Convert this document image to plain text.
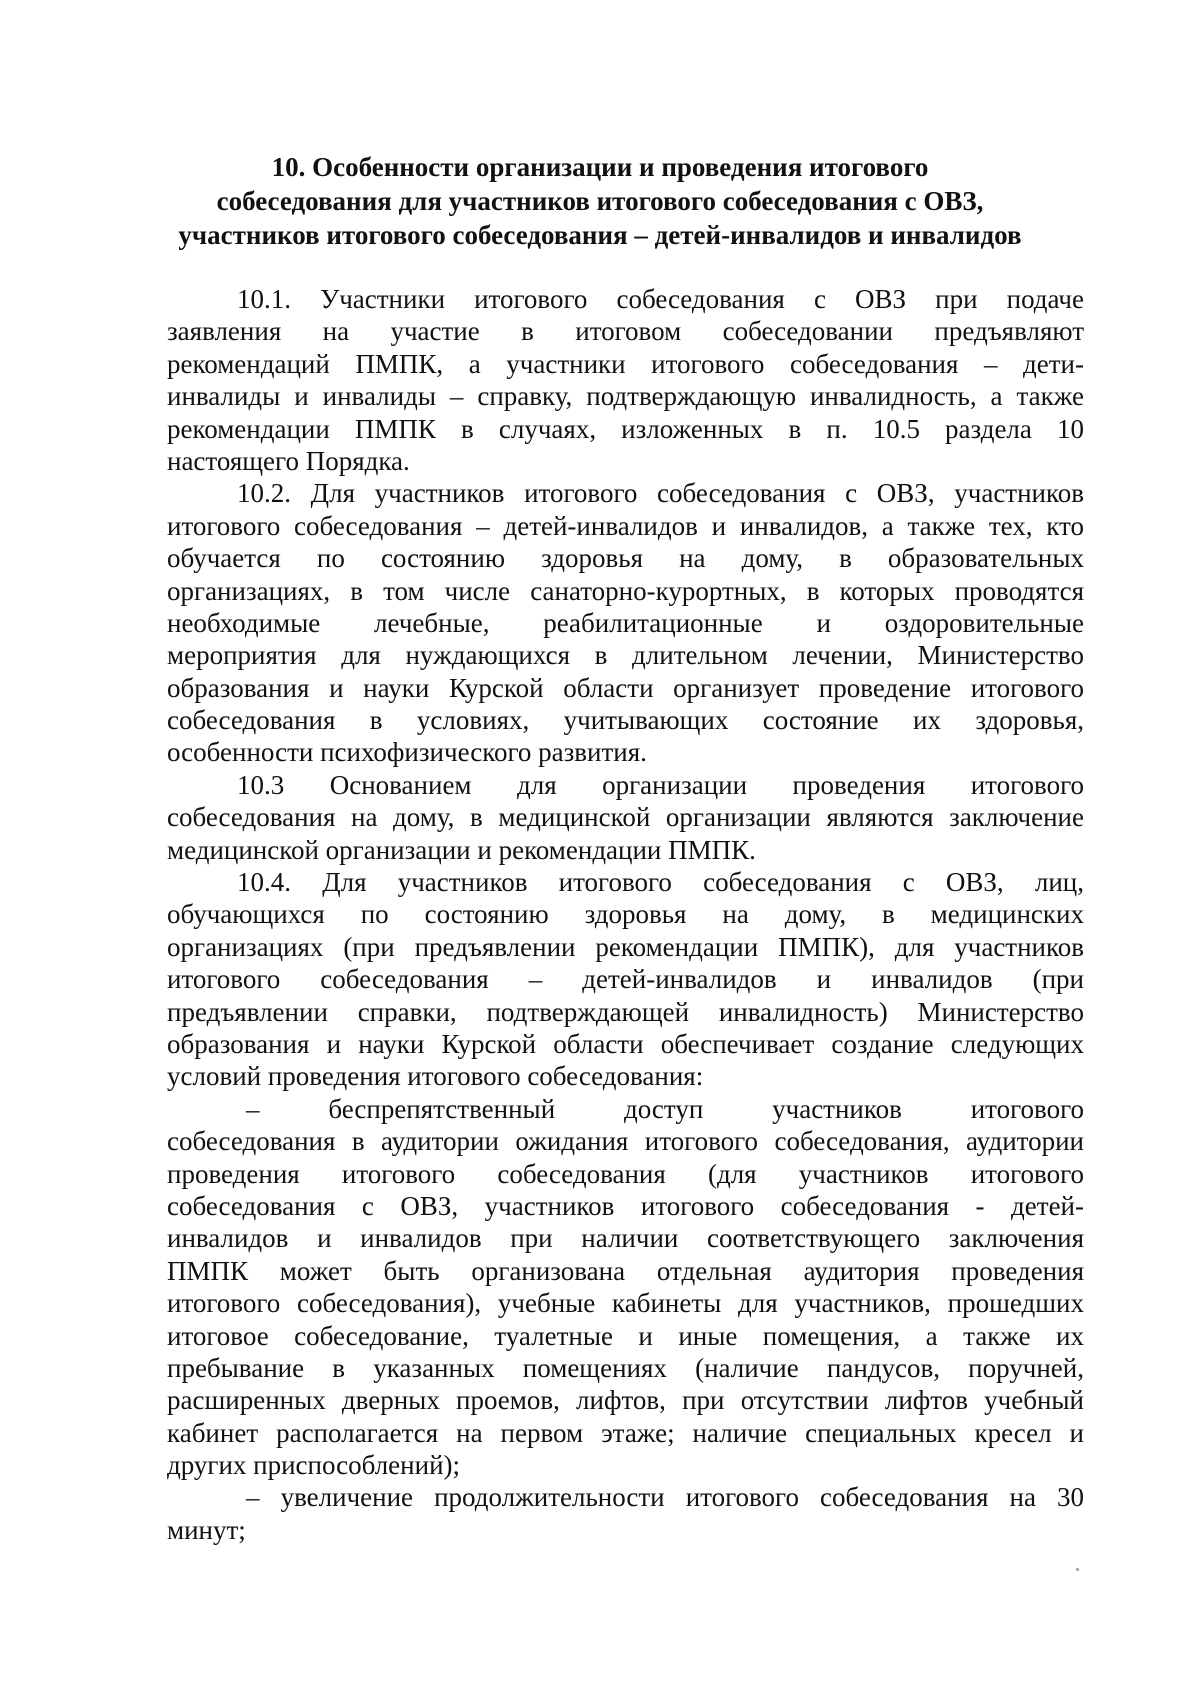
10. Особенности организации и проведения итогового
собеседования для участников итогового собеседования с ОВЗ,
участников итогового собеседования – детей-инвалидов и инвалидов
10.1. Участники итогового собеседования с ОВЗ при подаче
заявления на участие в итоговом собеседовании предъявляют
рекомендаций ПМПК, а участники итогового собеседования – дети-
инвалиды и инвалиды – справку, подтверждающую инвалидность, а также
рекомендации ПМПК в случаях, изложенных в п. 10.5 раздела 10
настоящего Порядка.
10.2. Для участников итогового собеседования с ОВЗ, участников
итогового собеседования – детей-инвалидов и инвалидов, а также тех, кто
обучается по состоянию здоровья на дому, в образовательных
организациях, в том числе санаторно-курортных, в которых проводятся
необходимые лечебные, реабилитационные и оздоровительные
мероприятия для нуждающихся в длительном лечении, Министерство
образования и науки Курской области организует проведение итогового
собеседования в условиях, учитывающих состояние их здоровья,
особенности психофизического развития.
10.3 Основанием для организации проведения итогового
собеседования на дому, в медицинской организации являются заключение
медицинской организации и рекомендации ПМПК.
10.4. Для участников итогового собеседования с ОВЗ, лиц,
обучающихся по состоянию здоровья на дому, в медицинских
организациях (при предъявлении рекомендации ПМПК), для участников
итогового собеседования – детей-инвалидов и инвалидов (при
предъявлении справки, подтверждающей инвалидность) Министерство
образования и науки Курской области обеспечивает создание следующих
условий проведения итогового собеседования:
– беспрепятственный доступ участников итогового
собеседования в аудитории ожидания итогового собеседования, аудитории
проведения итогового собеседования (для участников итогового
собеседования с ОВЗ, участников итогового собеседования - детей-
инвалидов и инвалидов при наличии соответствующего заключения
ПМПК может быть организована отдельная аудитория проведения
итогового собеседования), учебные кабинеты для участников, прошедших
итоговое собеседование, туалетные и иные помещения, а также их
пребывание в указанных помещениях (наличие пандусов, поручней,
расширенных дверных проемов, лифтов, при отсутствии лифтов учебный
кабинет располагается на первом этаже; наличие специальных кресел и
других приспособлений);
– увеличение продолжительности итогового собеседования на 30
минут;
